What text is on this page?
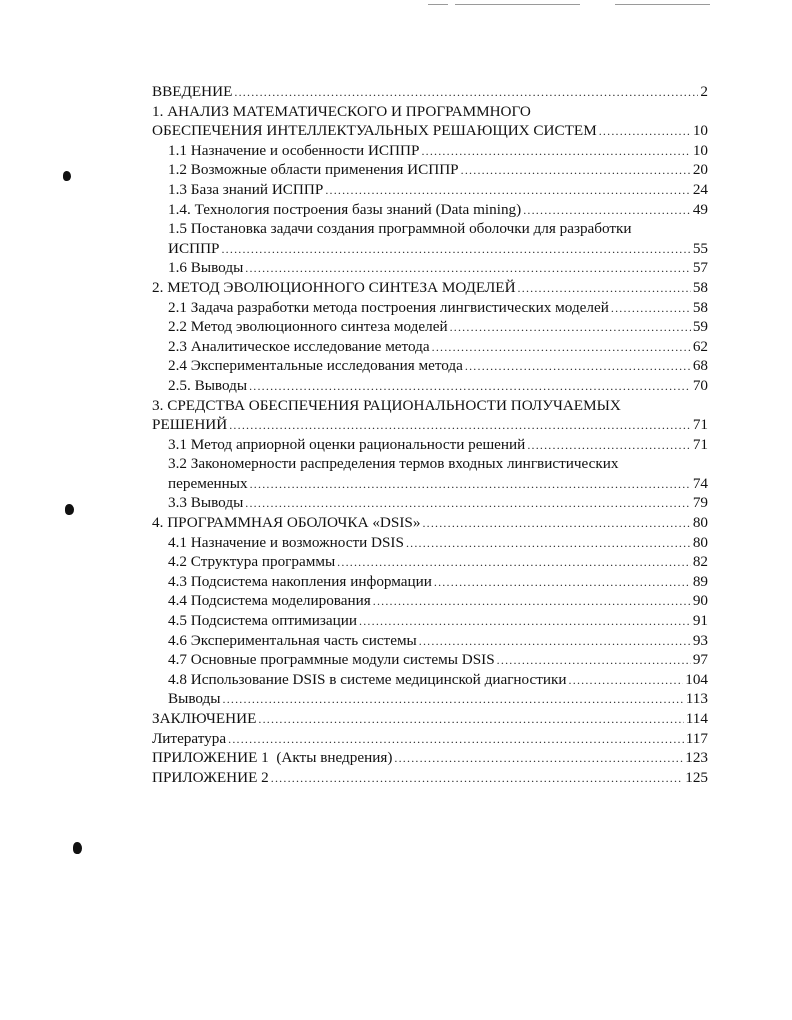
ВВЕДЕНИЕ .....	2
1. АНАЛИЗ МАТЕМАТИЧЕСКОГО И ПРОГРАММНОГО
ОБЕСПЕЧЕНИЯ ИНТЕЛЛЕКТУАЛЬНЫХ РЕШАЮЩИХ СИСТЕМ .....	10
1.1 Назначение и особенности ИСППР .....	10
1.2 Возможные области применения ИСППР .....	20
1.3 База знаний ИСППР .....	24
1.4. Технология построения базы знаний (Data mining) .....	49
1.5 Постановка задачи создания программной оболочки для разработки
ИСППР .....	55
1.6 Выводы .....	57
2. МЕТОД ЭВОЛЮЦИОННОГО СИНТЕЗА МОДЕЛЕЙ .....	58
2.1 Задача разработки метода построения лингвистических моделей .....	58
2.2 Метод эволюционного синтеза моделей .....	59
2.3 Аналитическое исследование метода .....	62
2.4 Экспериментальные исследования метода .....	68
2.5. Выводы .....	70
3. СРЕДСТВА ОБЕСПЕЧЕНИЯ РАЦИОНАЛЬНОСТИ ПОЛУЧАЕМЫХ
РЕШЕНИЙ .....	71
3.1 Метод априорной оценки рациональности решений .....	71
3.2 Закономерности распределения термов входных лингвистических
переменных .....	74
3.3 Выводы .....	79
4. ПРОГРАММНАЯ ОБОЛОЧКА «DSIS» .....	80
4.1 Назначение и возможности DSIS .....	80
4.2 Структура программы .....	82
4.3 Подсистема накопления информации .....	89
4.4 Подсистема моделирования .....	90
4.5 Подсистема оптимизации .....	91
4.6 Экспериментальная часть системы .....	93
4.7 Основные программные модули системы DSIS .....	97
4.8 Использование DSIS в системе медицинской диагностики .....	104
Выводы .....	113
ЗАКЛЮЧЕНИЕ .....	114
Литература .....	117
ПРИЛОЖЕНИЕ 1  (Акты внедрения) .....	123
ПРИЛОЖЕНИЕ 2 .....	125
